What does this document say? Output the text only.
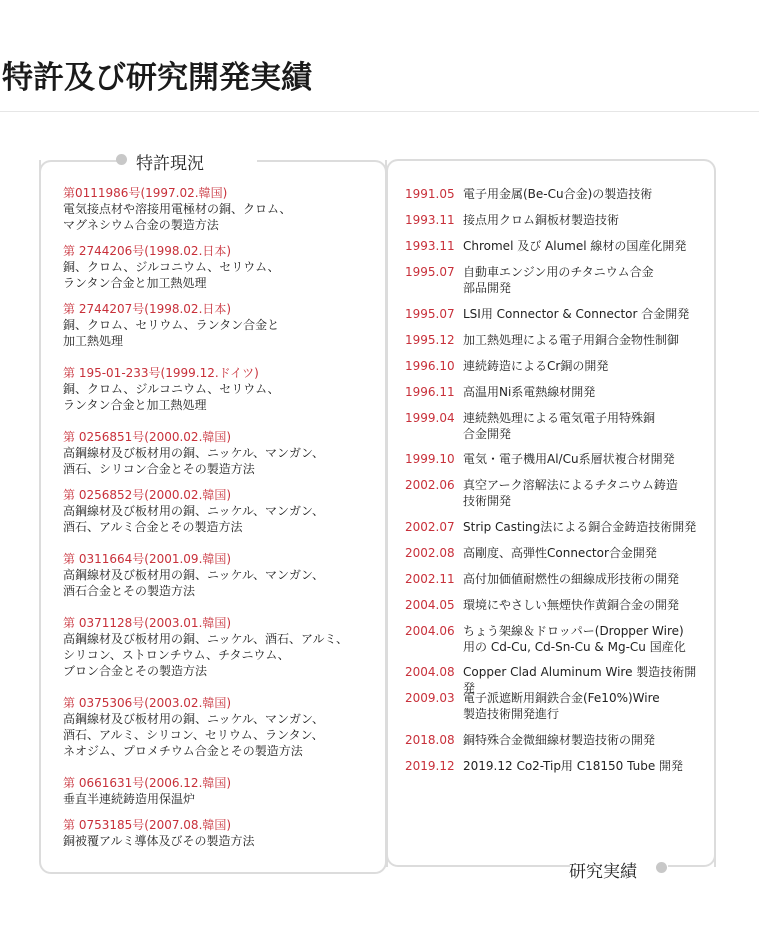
特許及び研究開発実績
特許現況
第0111986号(1997.02.韓国)
電気接点材や溶接用電極材の銅、クロム、
マグネシウム合金の製造方法
第 2744206号(1998.02.日本)
銅、クロム、ジルコニウム、セリウム、
ランタン合金と加工熱処理
第 2744207号(1998.02.日本)
銅、クロム、セリウム、ランタン合金と
加工熱処理
第 195-01-233号(1999.12.ドイツ)
銅、クロム、ジルコニウム、セリウム、
ランタン合金と加工熱処理
第 0256851号(2000.02.韓国)
高鋼線材及び板材用の銅、ニッケル、マンガン、
酒石、シリコン合金とその製造方法
第 0256852号(2000.02.韓国)
高鋼線材及び板材用の銅、ニッケル、マンガン、
酒石、アルミ合金とその製造方法
第 0311664号(2001.09.韓国)
高鋼線材及び板材用の銅、ニッケル、マンガン、
酒石合金とその製造方法
第 0371128号(2003.01.韓国)
高鋼線材及び板材用の銅、ニッケル、酒石、アルミ、
シリコン、ストロンチウム、チタニウム、
ブロン合金とその製造方法
第 0375306号(2003.02.韓国)
高鋼線材及び板材用の銅、ニッケル、マンガン、
酒石、アルミ、シリコン、セリウム、ランタン、
ネオジム、プロメチウム合金とその製造方法
第 0661631号(2006.12.韓国)
垂直半連続鋳造用保温炉
第 0753185号(2007.08.韓国)
銅被覆アルミ導体及びその製造方法
研究実績
1991.05 電子用金属(Be-Cu合金)の製造技術
1993.11 接点用クロム銅板材製造技術
1993.11 Chromel 及び Alumel 線材の国産化開発
1995.07 自動車エンジン用のチタニウム合金
部品開発
1995.07 LSI用 Connector & Connector 合金開発
1995.12 加工熱処理による電子用銅合金物性制御
1996.10 連続鋳造によるCr銅の開発
1996.11 高温用Ni系電熱線材開発
1999.04 連続熱処理による電気電子用特殊銅
合金開発
1999.10 電気・電子機用Al/Cu系層状複合材開発
2002.06 真空アーク溶解法によるチタニウム鋳造
技術開発
2002.07 Strip Casting法による銅合金鋳造技術開発
2002.08 高剛度、高弾性Connector合金開発
2002.11 高付加価値耐燃性の細線成形技術の開発
2004.05 環境にやさしい無煙快作黄銅合金の開発
2004.06 ちょう架線＆ドロッパー(Dropper Wire)
用の Cd-Cu, Cd-Sn-Cu & Mg-Cu 国産化
2004.08 Copper Clad Aluminum Wire 製造技術開発
2009.03 電子派遮断用銅鉄合金(Fe10%)Wire
製造技術開発進行
2018.08 銅特殊合金微細線材製造技術の開発
2019.12 2019.12 Co2-Tip用 C18150 Tube 開発
